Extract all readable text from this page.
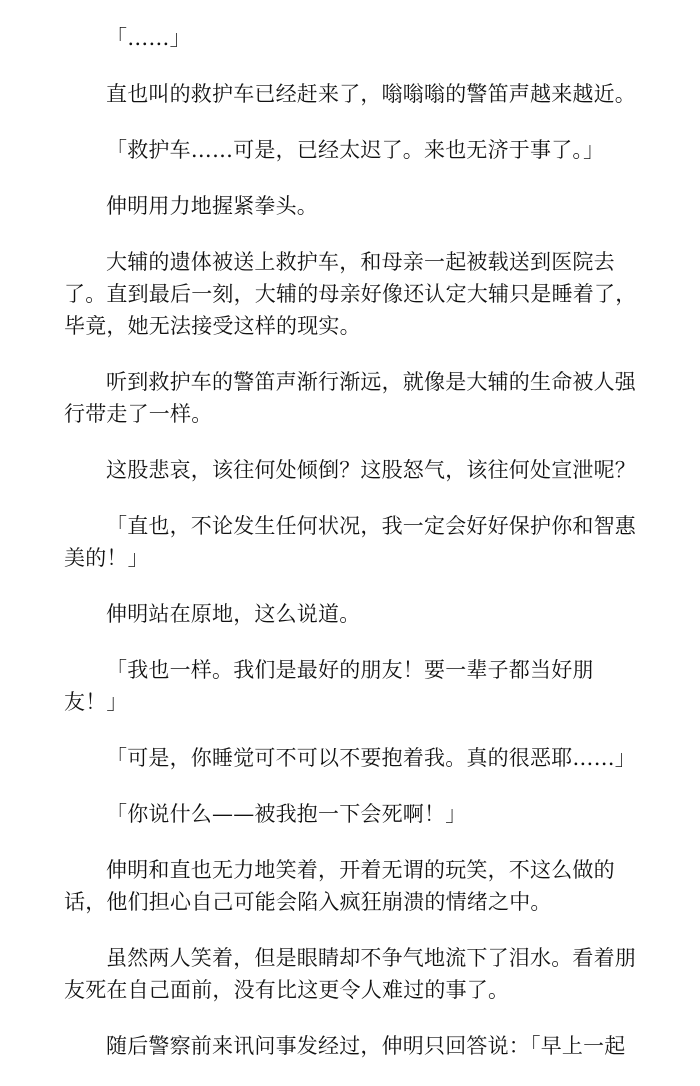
「……」

直也叫的救护车已经赶来了，嗡嗡嗡的警笛声越来越近。

「救护车……可是，已经太迟了。来也无济于事了。」

伸明用力地握紧拳头。

大辅的遗体被送上救护车，和母亲一起被载送到医院去了。直到最后一刻，大辅的母亲好像还认定大辅只是睡着了，毕竟，她无法接受这样的现实。

听到救护车的警笛声渐行渐远，就像是大辅的生命被人强行带走了一样。

这股悲哀，该往何处倾倒？这股怒气，该往何处宣泄呢？

「直也，不论发生任何状况，我一定会好好保护你和智惠美的！」

伸明站在原地，这么说道。

「我也一样。我们是最好的朋友！要一辈子都当好朋友！」

「可是，你睡觉可不可以不要抱着我。真的很恶耶……」

「你说什么——被我抱一下会死啊！」

伸明和直也无力地笑着，开着无谓的玩笑，不这么做的话，他们担心自己可能会陷入疯狂崩溃的情绪之中。

虽然两人笑着，但是眼睛却不争气地流下了泪水。看着朋友死在自己面前，没有比这更令人难过的事了。

随后警察前来讯问事发经过，伸明只回答说：「早上一起
